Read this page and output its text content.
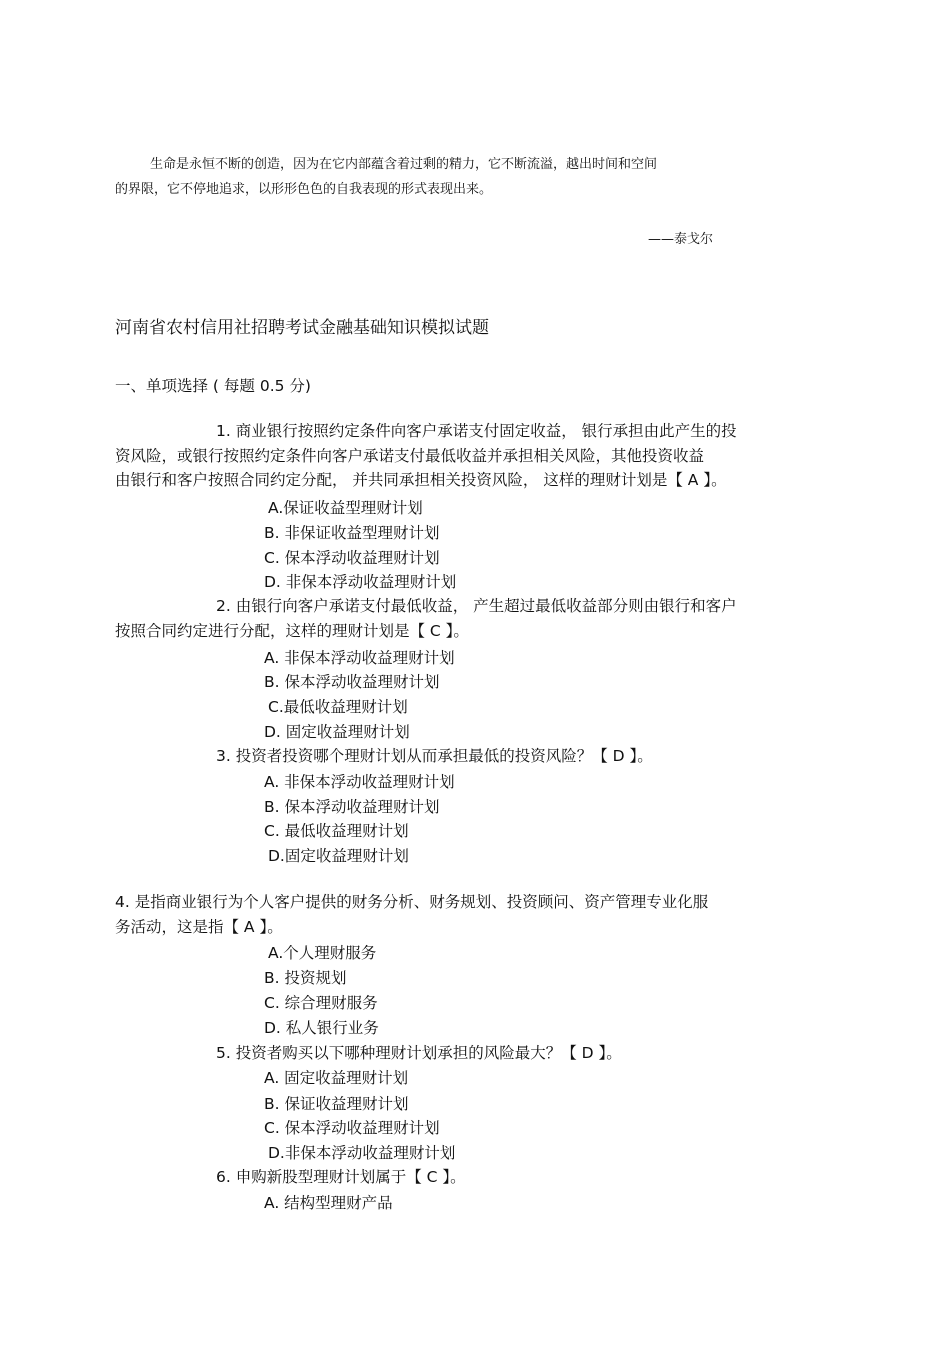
生命是永恒不断的创造，因为在它内部蕴含着过剩的精力，它不断流溢，越出时间和空间

的界限，它不停地追求，以形形色色的自我表现的形式表现出来。

——泰戈尔
河南省农村信用社招聘考试金融基础知识模拟试题
一、单项选择 ( 每题 0.5 分)
1. 商业银行按照约定条件向客户承诺支付固定收益， 银行承担由此产生的投
资风险，或银行按照约定条件向客户承诺支付最低收益并承担相关风险，其他投资收益
由银行和客户按照合同约定分配， 并共同承担相关投资风险， 这样的理财计划是【 A 】。
A.保证收益型理财计划
B. 非保证收益型理财计划
C. 保本浮动收益理财计划
D. 非保本浮动收益理财计划
2. 由银行向客户承诺支付最低收益， 产生超过最低收益部分则由银行和客户
按照合同约定进行分配，这样的理财计划是【 C 】。
A. 非保本浮动收益理财计划
B. 保本浮动收益理财计划
C.最低收益理财计划
D. 固定收益理财计划
3. 投资者投资哪个理财计划从而承担最低的投资风险？【 D 】。
A. 非保本浮动收益理财计划
B. 保本浮动收益理财计划
C. 最低收益理财计划
D.固定收益理财计划
4. 是指商业银行为个人客户提供的财务分析、财务规划、投资顾问、资产管理专业化服
务活动，这是指【 A 】。
A.个人理财服务
B. 投资规划
C. 综合理财服务
D. 私人银行业务
5. 投资者购买以下哪种理财计划承担的风险最大？【 D 】。
A. 固定收益理财计划
B. 保证收益理财计划
C. 保本浮动收益理财计划
D.非保本浮动收益理财计划
6. 申购新股型理财计划属于【 C 】。
A. 结构型理财产品
